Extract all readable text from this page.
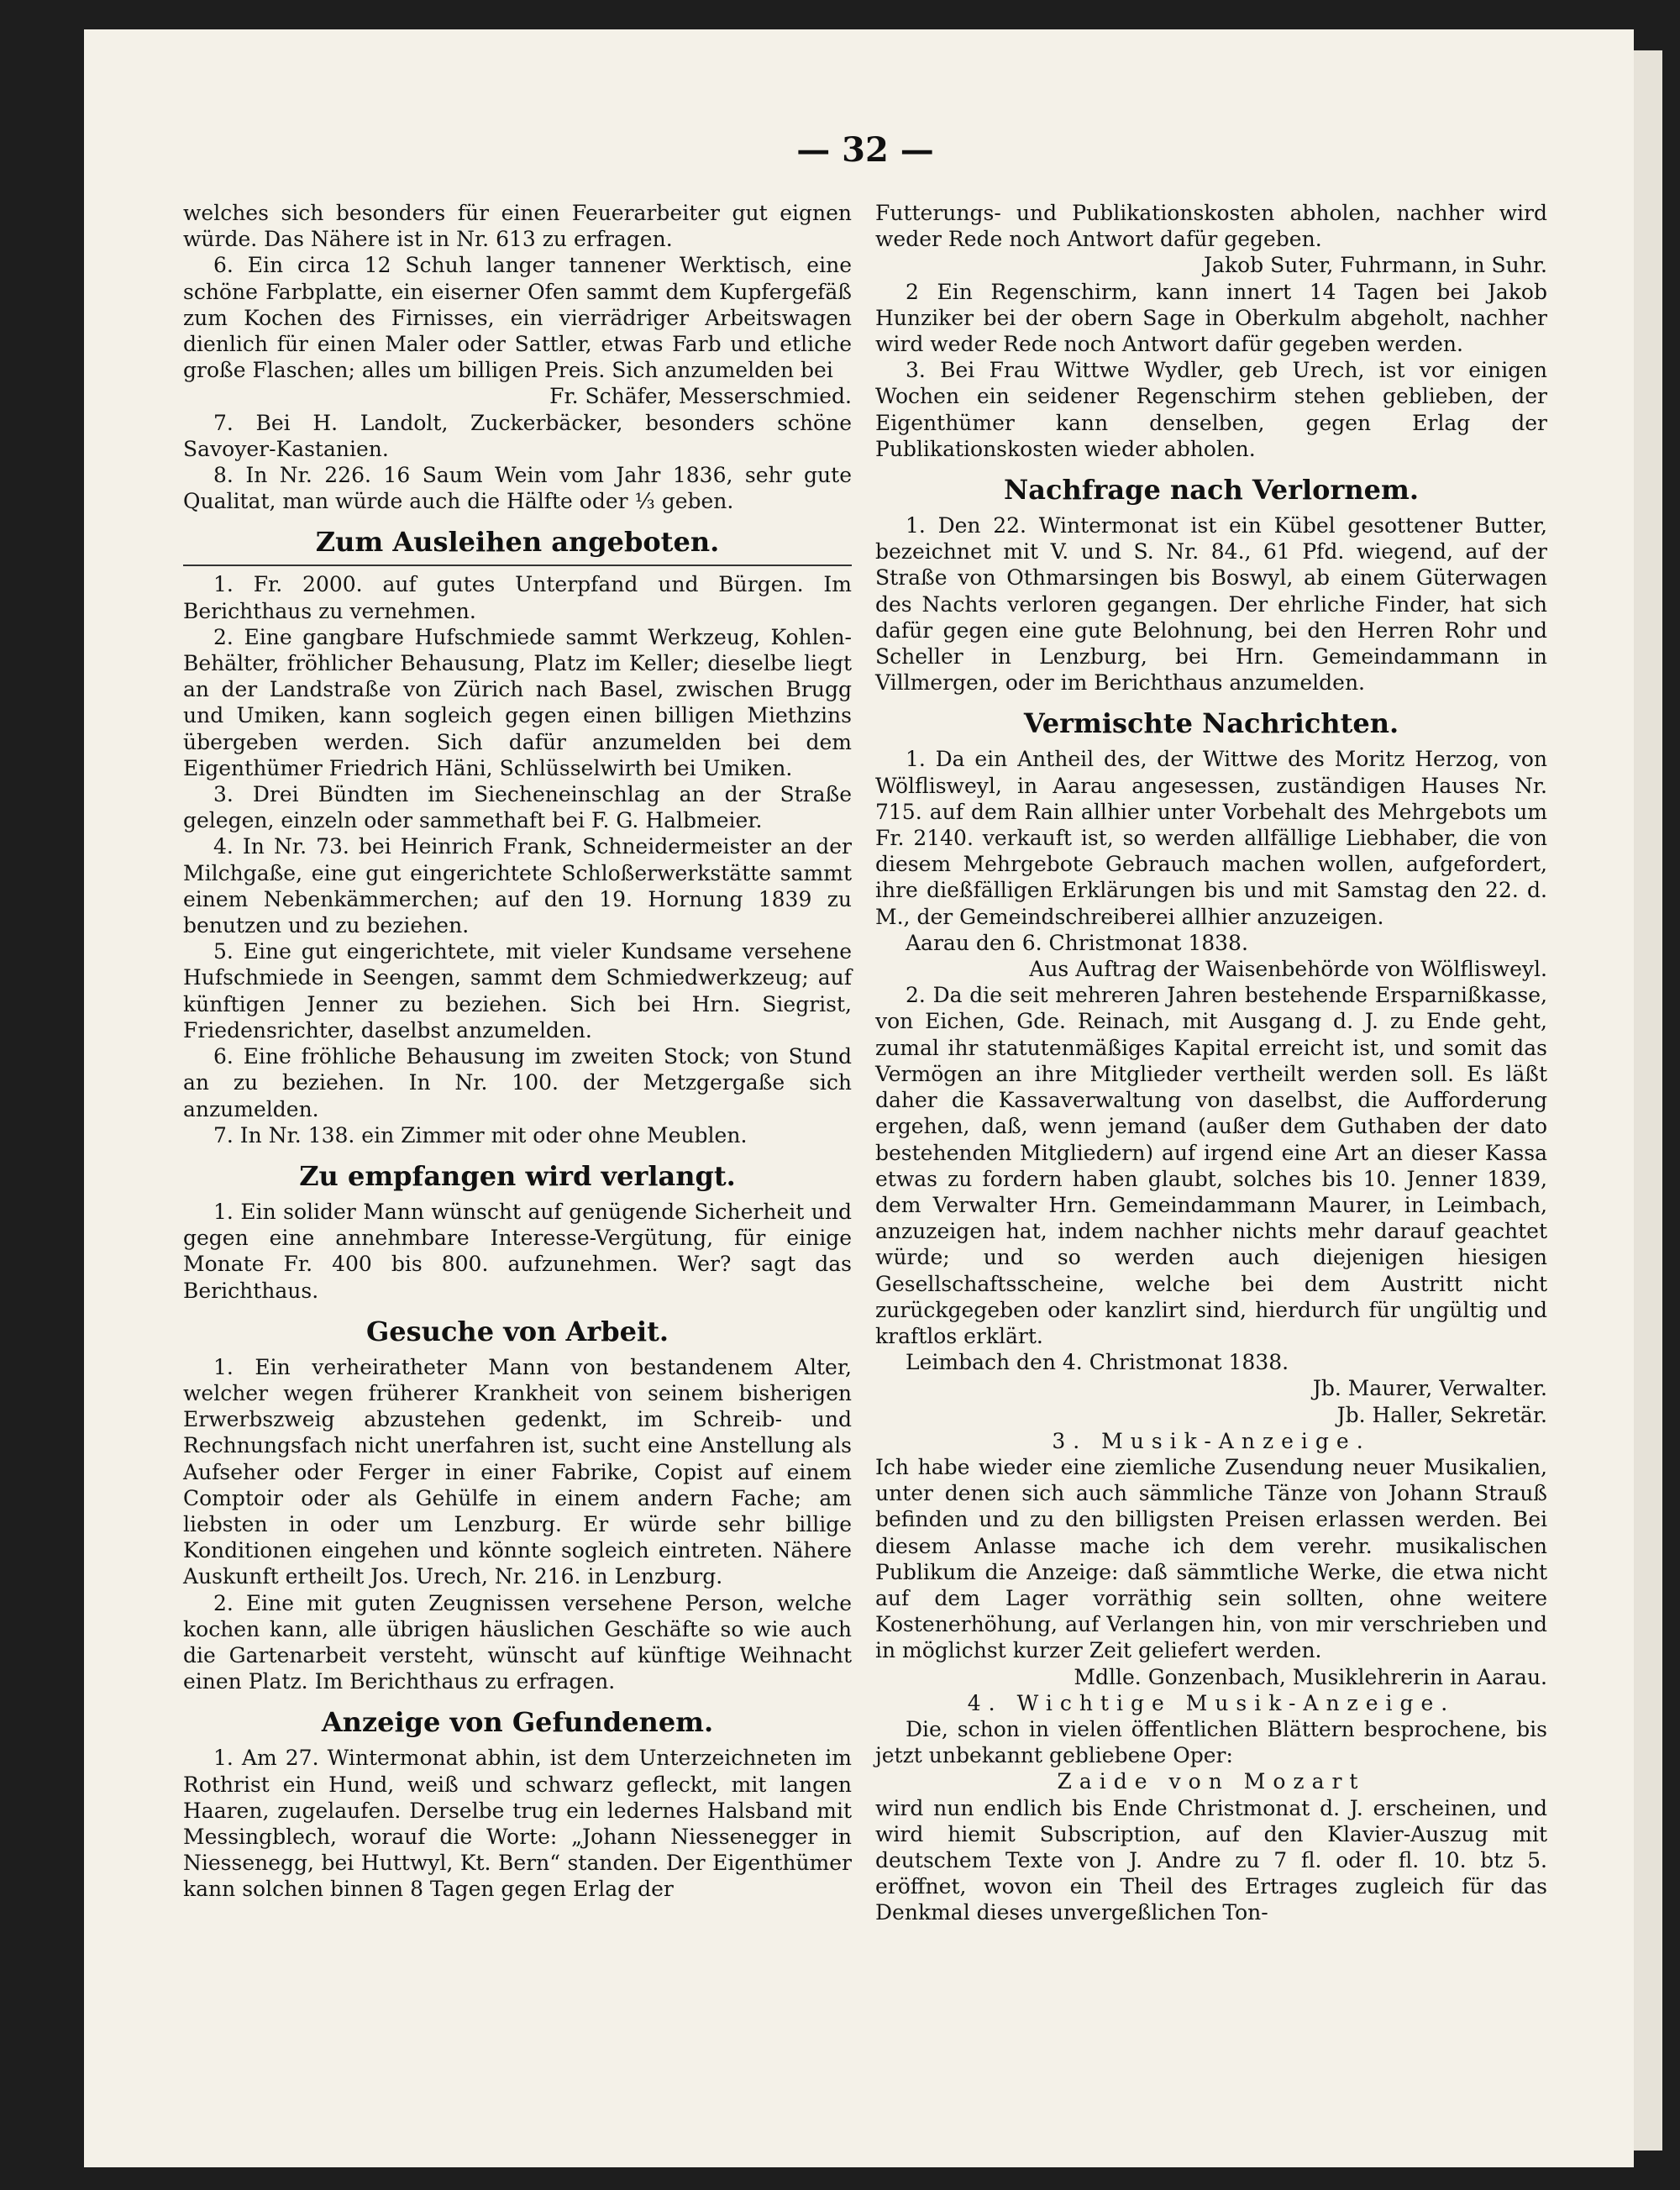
— 32 —

welches sich besonders für einen Feuerarbeiter gut eignen würde. Das Nähere ist in Nr. 613 zu erfragen.

6. Ein circa 12 Schuh langer tannener Werktisch, eine schöne Farbplatte, ein eiserner Ofen sammt dem Kupfergefäß zum Kochen des Firnisses, ein vierrädriger Arbeitswagen dienlich für einen Maler oder Sattler, etwas Farb und etliche große Flaschen; alles um billigen Preis. Sich anzumelden bei

Fr. Schäfer, Messerschmied.

7. Bei H. Landolt, Zuckerbäcker, besonders schöne Savoyer-Kastanien.

8. In Nr. 226. 16 Saum Wein vom Jahr 1836, sehr gute Qualitat, man würde auch die Hälfte oder ⅓ geben.

Zum Ausleihen angeboten.

1. Fr. 2000. auf gutes Unterpfand und Bürgen. Im Berichthaus zu vernehmen.

2. Eine gangbare Hufschmiede sammt Werkzeug, Kohlen-Behälter, fröhlicher Behausung, Platz im Keller; dieselbe liegt an der Landstraße von Zürich nach Basel, zwischen Brugg und Umiken, kann sogleich gegen einen billigen Miethzins übergeben werden. Sich dafür anzumelden bei dem Eigenthümer Friedrich Häni, Schlüsselwirth bei Umiken.

3. Drei Bündten im Siecheneinschlag an der Straße gelegen, einzeln oder sammethaft bei F. G. Halbmeier.

4. In Nr. 73. bei Heinrich Frank, Schneidermeister an der Milchgaße, eine gut eingerichtete Schloßerwerkstätte sammt einem Nebenkämmerchen; auf den 19. Hornung 1839 zu benutzen und zu beziehen.

5. Eine gut eingerichtete, mit vieler Kundsame versehene Hufschmiede in Seengen, sammt dem Schmiedwerkzeug; auf künftigen Jenner zu beziehen. Sich bei Hrn. Siegrist, Friedensrichter, daselbst anzumelden.

6. Eine fröhliche Behausung im zweiten Stock; von Stund an zu beziehen. In Nr. 100. der Metzgergaße sich anzumelden.

7. In Nr. 138. ein Zimmer mit oder ohne Meublen.

Zu empfangen wird verlangt.

1. Ein solider Mann wünscht auf genügende Sicherheit und gegen eine annehmbare Interesse-Vergütung, für einige Monate Fr. 400 bis 800. aufzunehmen. Wer? sagt das Berichthaus.

Gesuche von Arbeit.

1. Ein verheiratheter Mann von bestandenem Alter, welcher wegen früherer Krankheit von seinem bisherigen Erwerbszweig abzustehen gedenkt, im Schreib- und Rechnungsfach nicht unerfahren ist, sucht eine Anstellung als Aufseher oder Ferger in einer Fabrike, Copist auf einem Comptoir oder als Gehülfe in einem andern Fache; am liebsten in oder um Lenzburg. Er würde sehr billige Konditionen eingehen und könnte sogleich eintreten. Nähere Auskunft ertheilt Jos. Urech, Nr. 216. in Lenzburg.

2. Eine mit guten Zeugnissen versehene Person, welche kochen kann, alle übrigen häuslichen Geschäfte so wie auch die Gartenarbeit versteht, wünscht auf künftige Weihnacht einen Platz. Im Berichthaus zu erfragen.

Anzeige von Gefundenem.

1. Am 27. Wintermonat abhin, ist dem Unterzeichneten im Rothrist ein Hund, weiß und schwarz gefleckt, mit langen Haaren, zugelaufen. Derselbe trug ein ledernes Halsband mit Messingblech, worauf die Worte: „Johann Niessenegger in Niessenegg, bei Huttwyl, Kt. Bern“ standen. Der Eigenthümer kann solchen binnen 8 Tagen gegen Erlag der

Futterungs- und Publikationskosten abholen, nachher wird weder Rede noch Antwort dafür gegeben.

Jakob Suter, Fuhrmann, in Suhr.

2 Ein Regenschirm, kann innert 14 Tagen bei Jakob Hunziker bei der obern Sage in Oberkulm abgeholt, nachher wird weder Rede noch Antwort dafür gegeben werden.

3. Bei Frau Wittwe Wydler, geb Urech, ist vor einigen Wochen ein seidener Regenschirm stehen geblieben, der Eigenthümer kann denselben, gegen Erlag der Publikationskosten wieder abholen.

Nachfrage nach Verlornem.

1. Den 22. Wintermonat ist ein Kübel gesottener Butter, bezeichnet mit V. und S. Nr. 84., 61 Pfd. wiegend, auf der Straße von Othmarsingen bis Boswyl, ab einem Güterwagen des Nachts verloren gegangen. Der ehrliche Finder, hat sich dafür gegen eine gute Belohnung, bei den Herren Rohr und Scheller in Lenzburg, bei Hrn. Gemeindammann in Villmergen, oder im Berichthaus anzumelden.

Vermischte Nachrichten.

1. Da ein Antheil des, der Wittwe des Moritz Herzog, von Wölflisweyl, in Aarau angesessen, zuständigen Hauses Nr. 715. auf dem Rain allhier unter Vorbehalt des Mehrgebots um Fr. 2140. verkauft ist, so werden allfällige Liebhaber, die von diesem Mehrgebote Gebrauch machen wollen, aufgefordert, ihre dießfälligen Erklärungen bis und mit Samstag den 22. d. M., der Gemeindschreiberei allhier anzuzeigen.

Aarau den 6. Christmonat 1838.

Aus Auftrag der Waisenbehörde von Wölflisweyl.

2. Da die seit mehreren Jahren bestehende Ersparnißkasse, von Eichen, Gde. Reinach, mit Ausgang d. J. zu Ende geht, zumal ihr statutenmäßiges Kapital erreicht ist, und somit das Vermögen an ihre Mitglieder vertheilt werden soll. Es läßt daher die Kassaverwaltung von daselbst, die Aufforderung ergehen, daß, wenn jemand (außer dem Guthaben der dato bestehenden Mitgliedern) auf irgend eine Art an dieser Kassa etwas zu fordern haben glaubt, solches bis 10. Jenner 1839, dem Verwalter Hrn. Gemeindammann Maurer, in Leimbach, anzuzeigen hat, indem nachher nichts mehr darauf geachtet würde; und so werden auch diejenigen hiesigen Gesellschaftsscheine, welche bei dem Austritt nicht zurückgegeben oder kanzlirt sind, hierdurch für ungültig und kraftlos erklärt.

Leimbach den 4. Christmonat 1838.

Jb. Maurer, Verwalter.

Jb. Haller, Sekretär.

3. Musik-Anzeige.

Ich habe wieder eine ziemliche Zusendung neuer Musikalien, unter denen sich auch sämmliche Tänze von Johann Strauß befinden und zu den billigsten Preisen erlassen werden. Bei diesem Anlasse mache ich dem verehr. musikalischen Publikum die Anzeige: daß sämmtliche Werke, die etwa nicht auf dem Lager vorräthig sein sollten, ohne weitere Kostenerhöhung, auf Verlangen hin, von mir verschrieben und in möglichst kurzer Zeit geliefert werden.

Mdlle. Gonzenbach, Musiklehrerin in Aarau.

4. Wichtige Musik-Anzeige.

Die, schon in vielen öffentlichen Blättern besprochene, bis jetzt unbekannt gebliebene Oper:

Zaide von Mozart

wird nun endlich bis Ende Christmonat d. J. erscheinen, und wird hiemit Subscription, auf den Klavier-Auszug mit deutschem Texte von J. Andre zu 7 fl. oder fl. 10. btz 5. eröffnet, wovon ein Theil des Ertrages zugleich für das Denkmal dieses unvergeßlichen Ton-
